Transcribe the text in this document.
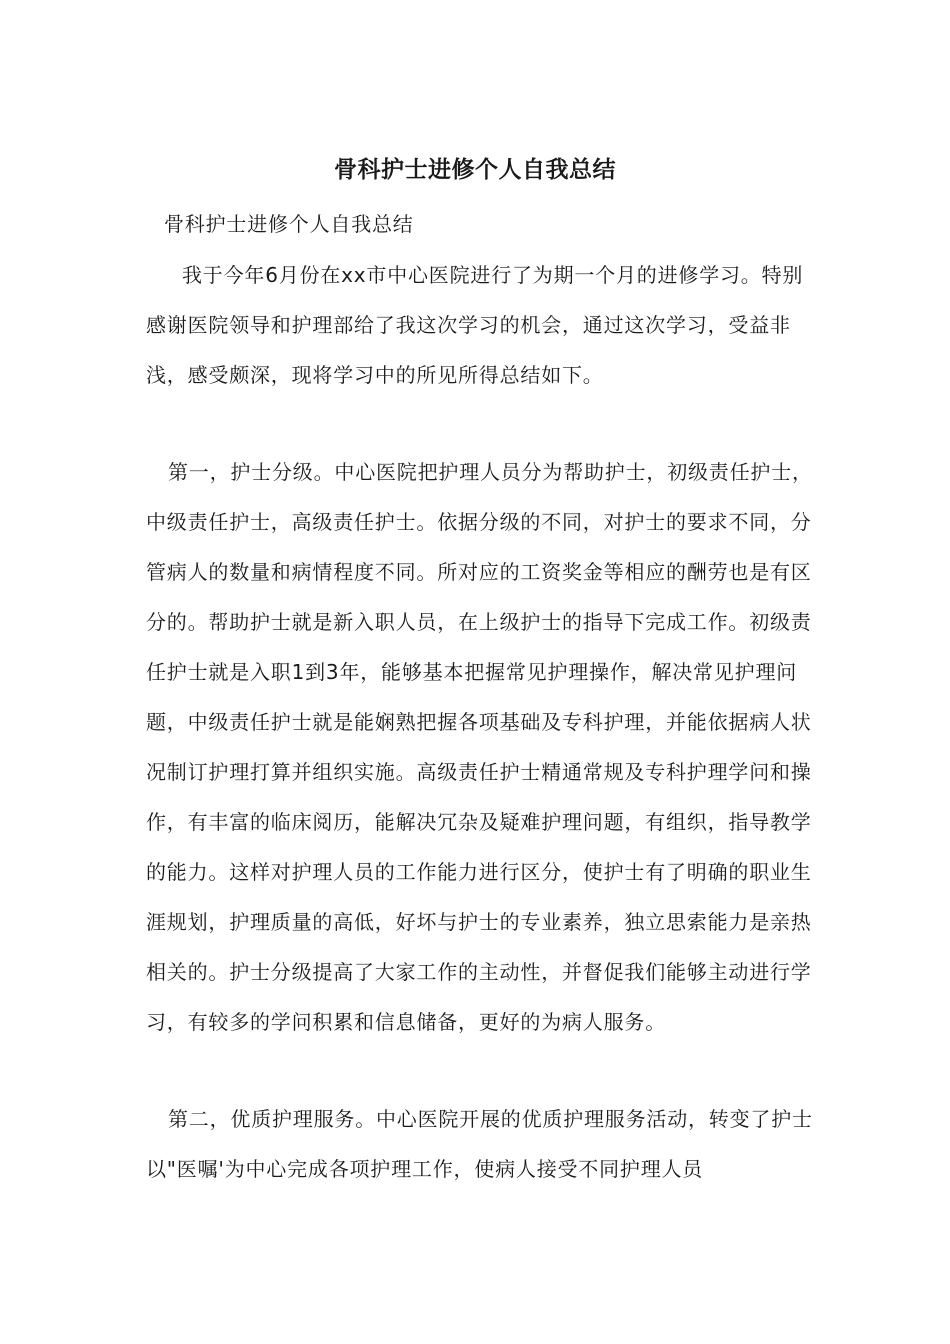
骨科护士进修个人自我总结
骨科护士进修个人自我总结

我于今年6月份在xx市中心医院进行了为期一个月的进修学习。特别感谢医院领导和护理部给了我这次学习的机会，通过这次学习，受益非浅，感受颇深，现将学习中的所见所得总结如下。

第一，护士分级。中心医院把护理人员分为帮助护士，初级责任护士，中级责任护士，高级责任护士。依据分级的不同，对护士的要求不同，分管病人的数量和病情程度不同。所对应的工资奖金等相应的酬劳也是有区分的。帮助护士就是新入职人员，在上级护士的指导下完成工作。初级责任护士就是入职1到3年，能够基本把握常见护理操作，解决常见护理问题，中级责任护士就是能娴熟把握各项基础及专科护理，并能依据病人状况制订护理打算并组织实施。高级责任护士精通常规及专科护理学问和操作，有丰富的临床阅历，能解决冗杂及疑难护理问题，有组织，指导教学的能力。这样对护理人员的工作能力进行区分，使护士有了明确的职业生涯规划，护理质量的高低，好坏与护士的专业素养，独立思索能力是亲热相关的。护士分级提高了大家工作的主动性，并督促我们能够主动进行学习，有较多的学问积累和信息储备，更好的为病人服务。

第二，优质护理服务。中心医院开展的优质护理服务活动，转变了护士以"医嘱'为中心完成各项护理工作，使病人接受不同护理人员
